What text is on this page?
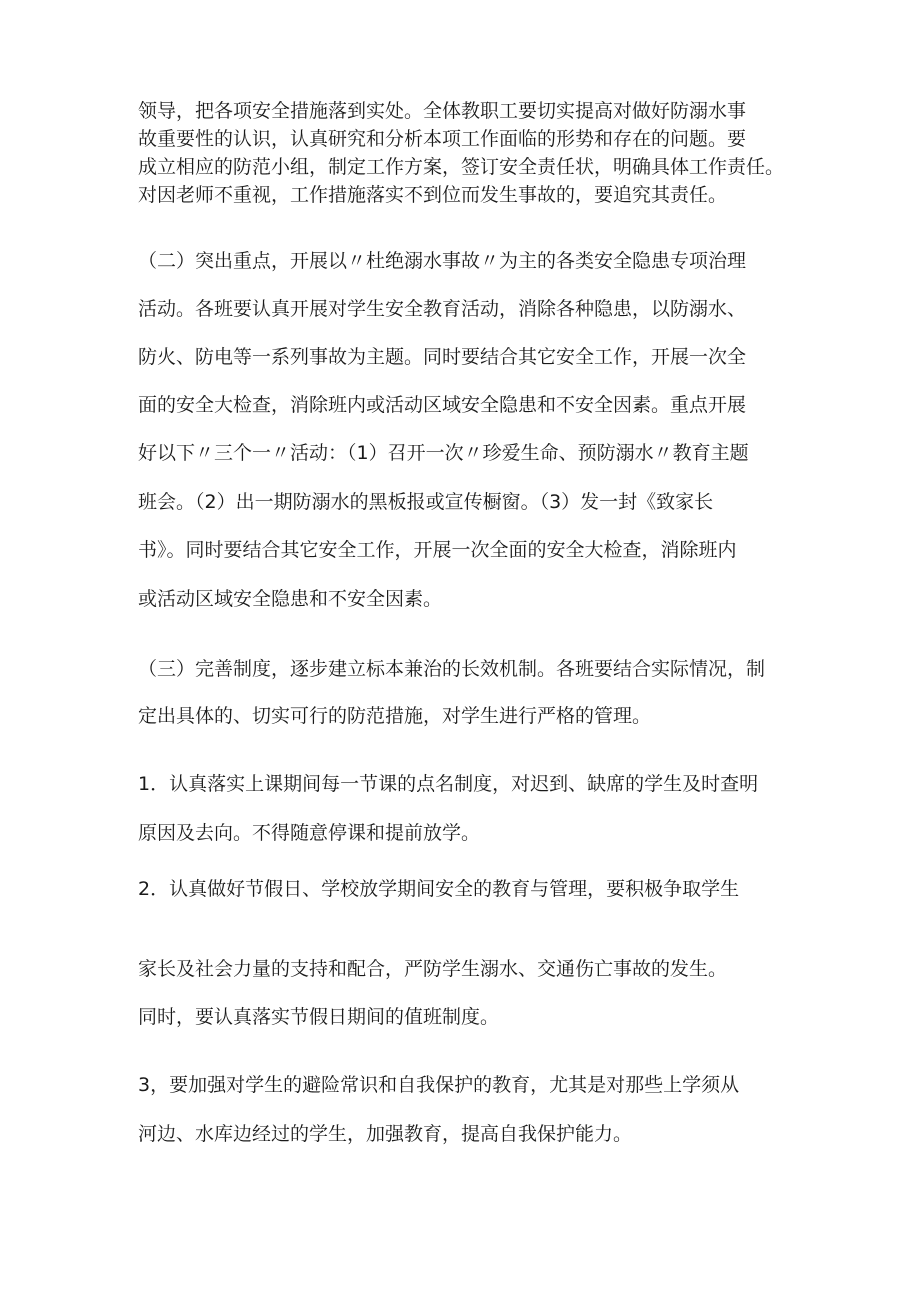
领导，把各项安全措施落到实处。全体教职工要切实提高对做好防溺水事

故重要性的认识，认真研究和分析本项工作面临的形势和存在的问题。要

成立相应的防范小组，制定工作方案，签订安全责任状，明确具体工作责任。

对因老师不重视，工作措施落实不到位而发生事故的，要追究其责任。

（二）突出重点，开展以〃杜绝溺水事故〃为主的各类安全隐患专项治理

活动。各班要认真开展对学生安全教育活动，消除各种隐患，以防溺水、

防火、防电等一系列事故为主题。同时要结合其它安全工作，开展一次全

面的安全大检查，消除班内或活动区域安全隐患和不安全因素。重点开展

好以下〃三个一〃活动：（1）召开一次〃珍爱生命、预防溺水〃教育主题

班会。（2）出一期防溺水的黑板报或宣传橱窗。（3）发一封《致家长

书》。同时要结合其它安全工作，开展一次全面的安全大检查，消除班内

或活动区域安全隐患和不安全因素。

（三）完善制度，逐步建立标本兼治的长效机制。各班要结合实际情况，制

定出具体的、切实可行的防范措施，对学生进行严格的管理。

1．认真落实上课期间每一节课的点名制度，对迟到、缺席的学生及时查明

原因及去向。不得随意停课和提前放学。

2．认真做好节假日、学校放学期间安全的教育与管理，要积极争取学生

家长及社会力量的支持和配合，严防学生溺水、交通伤亡事故的发生。

同时，要认真落实节假日期间的值班制度。

3，要加强对学生的避险常识和自我保护的教育，尤其是对那些上学须从

河边、水库边经过的学生，加强教育，提高自我保护能力。
